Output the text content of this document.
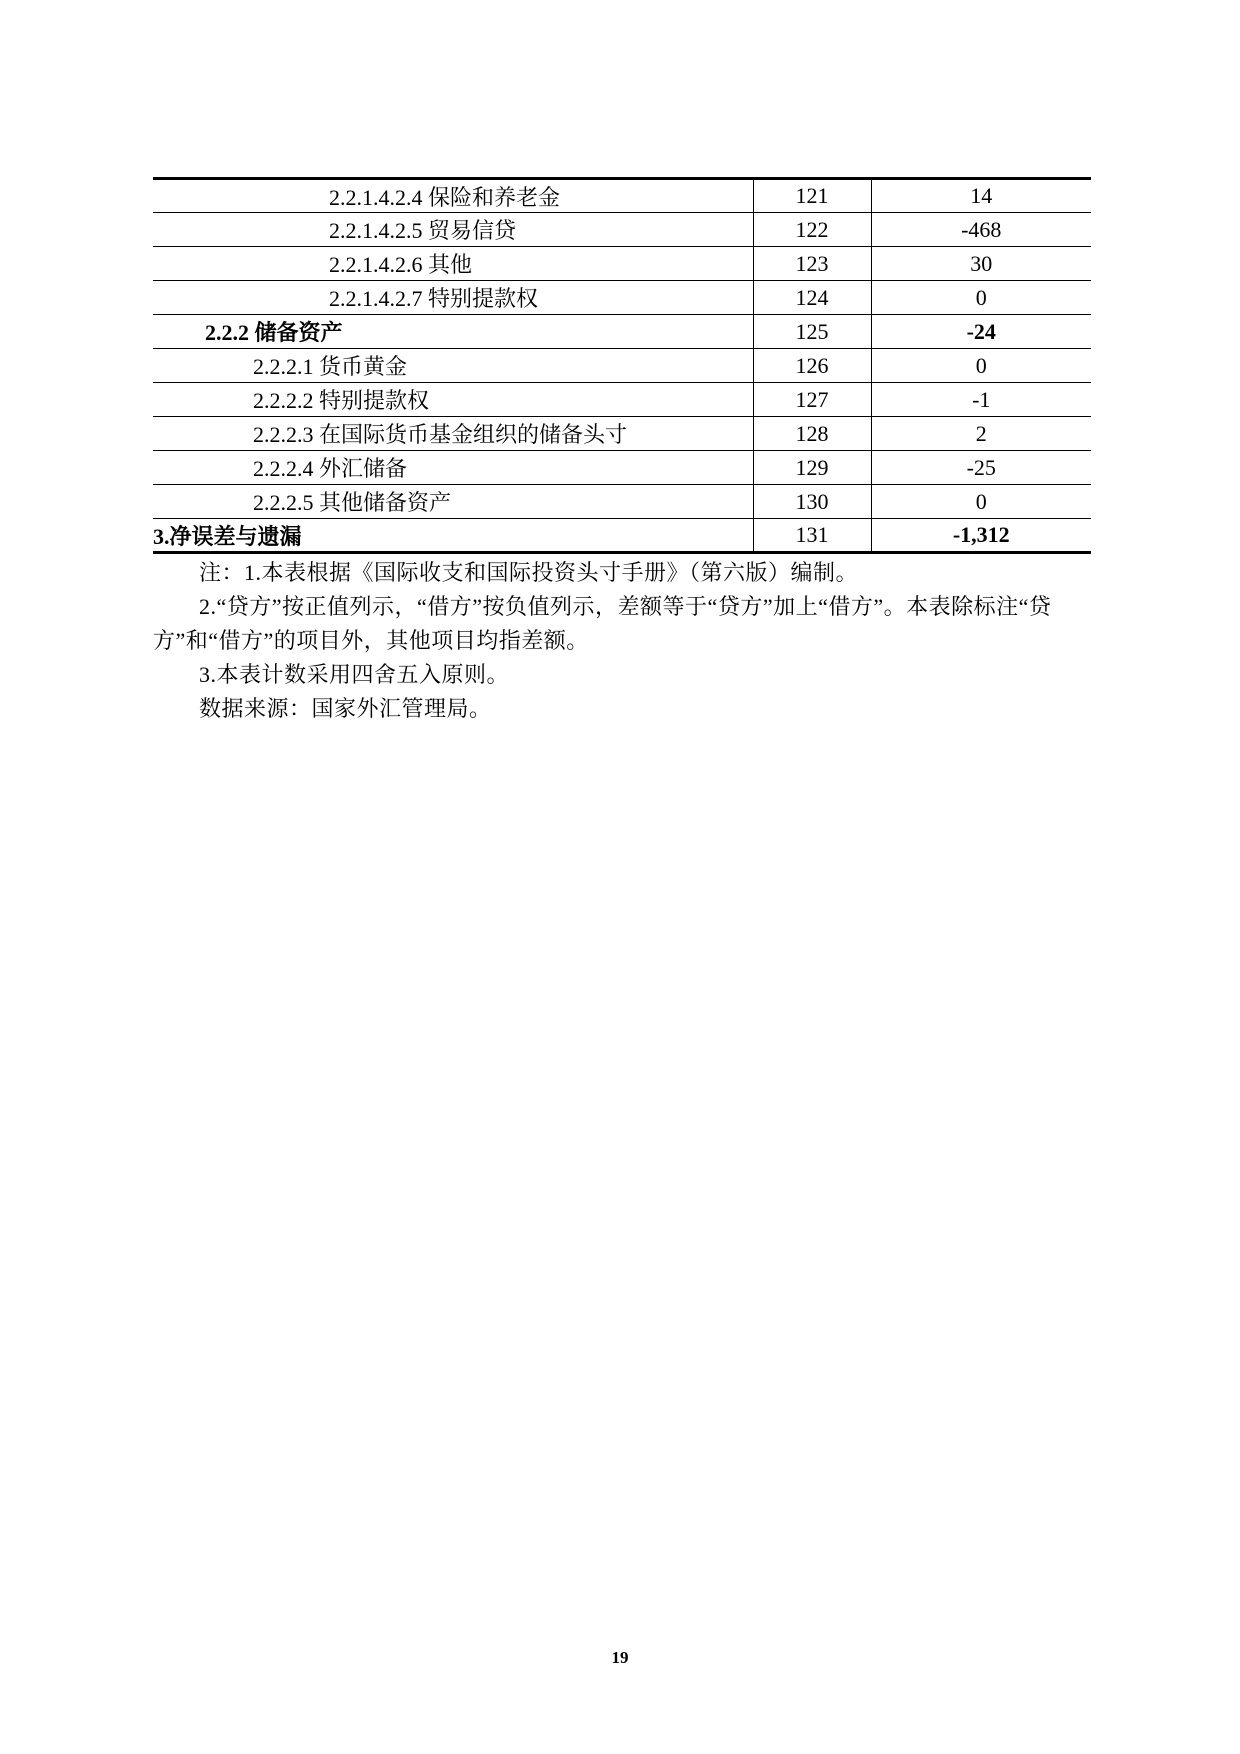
2.2.1.4.2.4 保险和养老金	121	14
2.2.1.4.2.5 贸易信贷	122	-468
2.2.1.4.2.6 其他	123	30
2.2.1.4.2.7 特别提款权	124	0
2.2.2 储备资产	125	-24
2.2.2.1 货币黄金	126	0
2.2.2.2 特别提款权	127	-1
2.2.2.3 在国际货币基金组织的储备头寸	128	2
2.2.2.4 外汇储备	129	-25
2.2.2.5 其他储备资产	130	0
3.净误差与遗漏	131	-1,312

注：1.本表根据《国际收支和国际投资头寸手册》（第六版）编制。

2.“贷方”按正值列示，“借方”按负值列示，差额等于“贷方”加上“借方”。本表除标注“贷方”和“借方”的项目外，其他项目均指差额。

3.本表计数采用四舍五入原则。

数据来源：国家外汇管理局。

19
